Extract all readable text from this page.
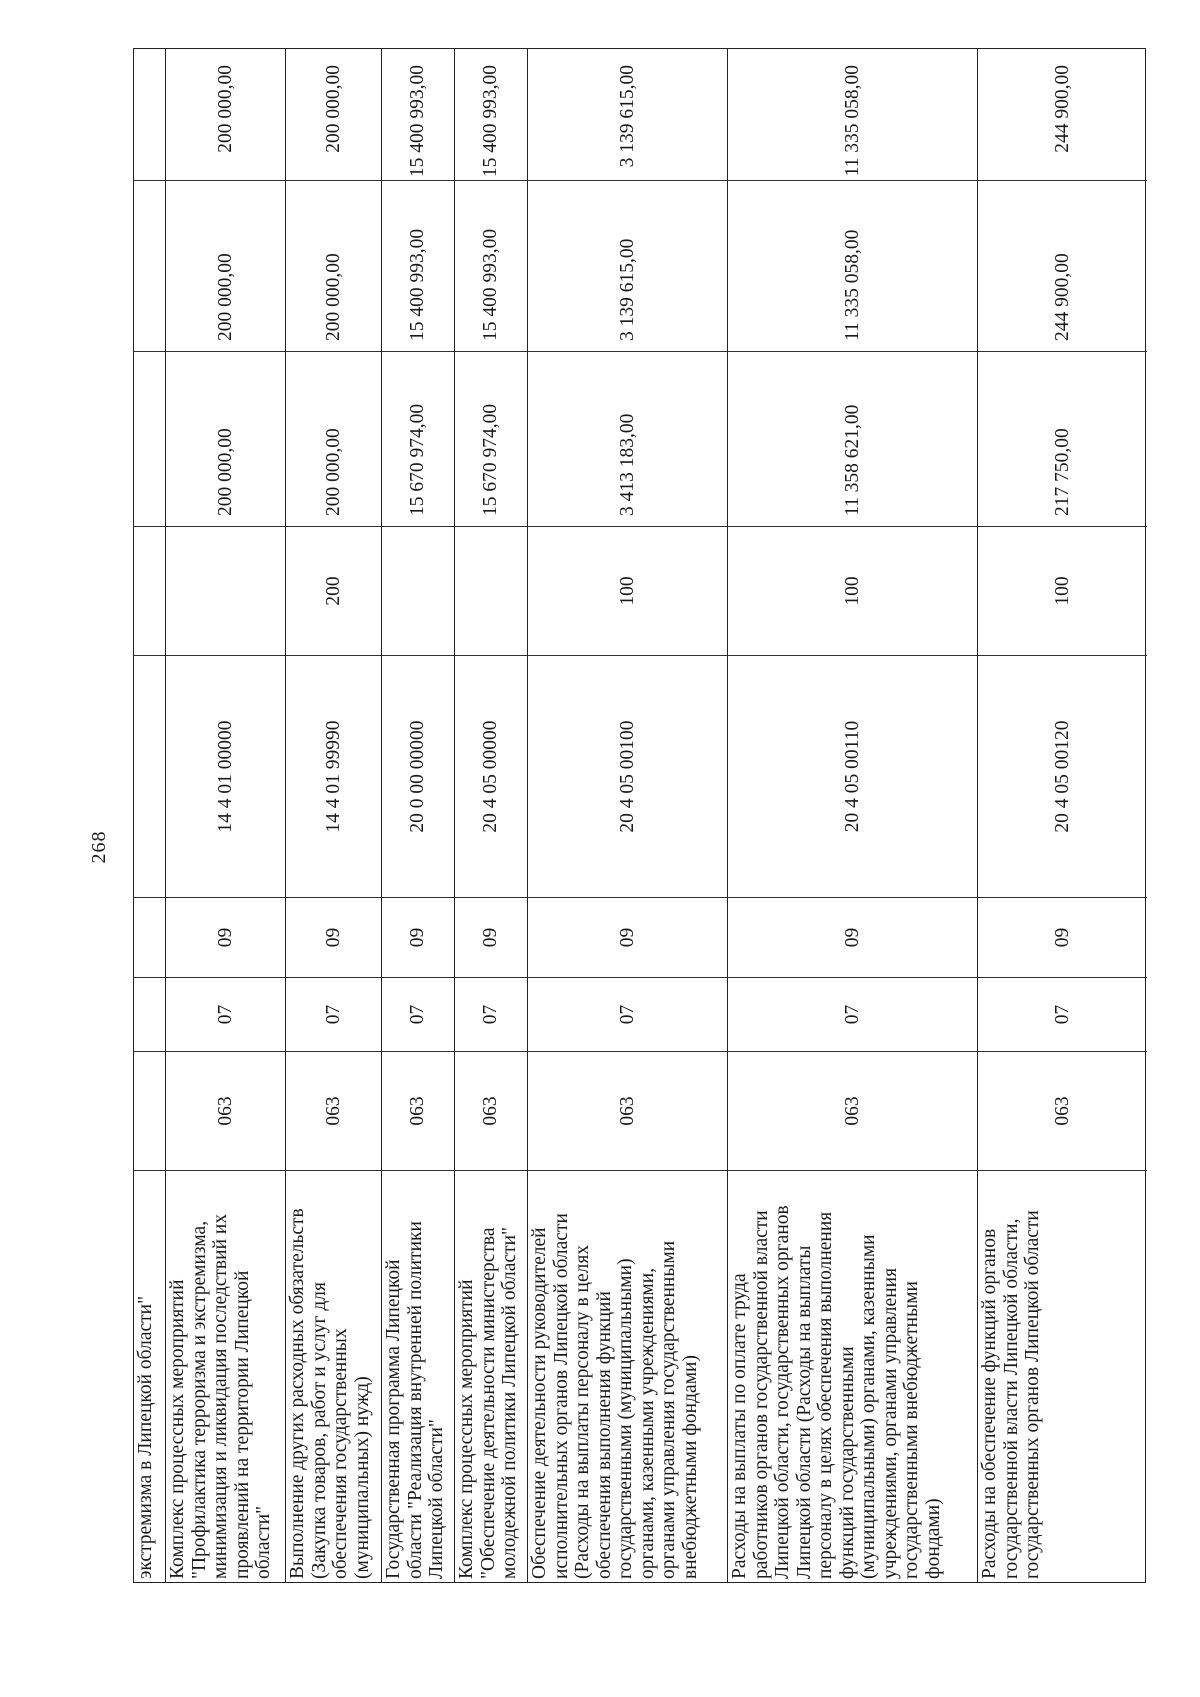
268
экстремизма в Липецкой области" Комплекс процессных мероприятий
"Профилактика терроризма и экстремизма,
минимизация и ликвидация последствий их
проявлений на территории Липецкой
области"
063
07
09
14 4 01 00000
200 000,00
200 000,00
200 000,00
Выполнение других расходных обязательств
(Закупка товаров, работ и услуг для
обеспечения государственных
(муниципальных) нужд)
063
07
09
14 4 01 99990
200
200 000,00
200 000,00
200 000,00
Государственная программа Липецкой
области "Реализация внутренней политики
Липецкой области"
063
07
09
20 0 00 00000
15 670 974,00
15 400 993,00
15 400 993,00
Комплекс процессных мероприятий
"Обеспечение деятельности министерства
молодежной политики Липецкой области"
063
07
09
20 4 05 00000
15 670 974,00
15 400 993,00
15 400 993,00
Обеспечение деятельности руководителей
исполнительных органов Липецкой области
(Расходы на выплаты персоналу в целях
обеспечения выполнения функций
государственными (муниципальными)
органами, казенными учреждениями,
органами управления государственными
внебюджетными фондами)
063
07
09
20 4 05 00100
100
3 413 183,00
3 139 615,00
3 139 615,00
Расходы на выплаты по оплате труда
работников органов государственной власти
Липецкой области, государственных органов
Липецкой области (Расходы на выплаты
персоналу в целях обеспечения выполнения
функций государственными
(муниципальными) органами, казенными
учреждениями, органами управления
государственными внебюджетными
фондами)
063
07
09
20 4 05 00110
100
11 358 621,00
11 335 058,00
11 335 058,00
Расходы на обеспечение функций органов
государственной власти Липецкой области,
государственных органов Липецкой области
063
07
09
20 4 05 00120
100
217 750,00
244 900,00
244 900,00
